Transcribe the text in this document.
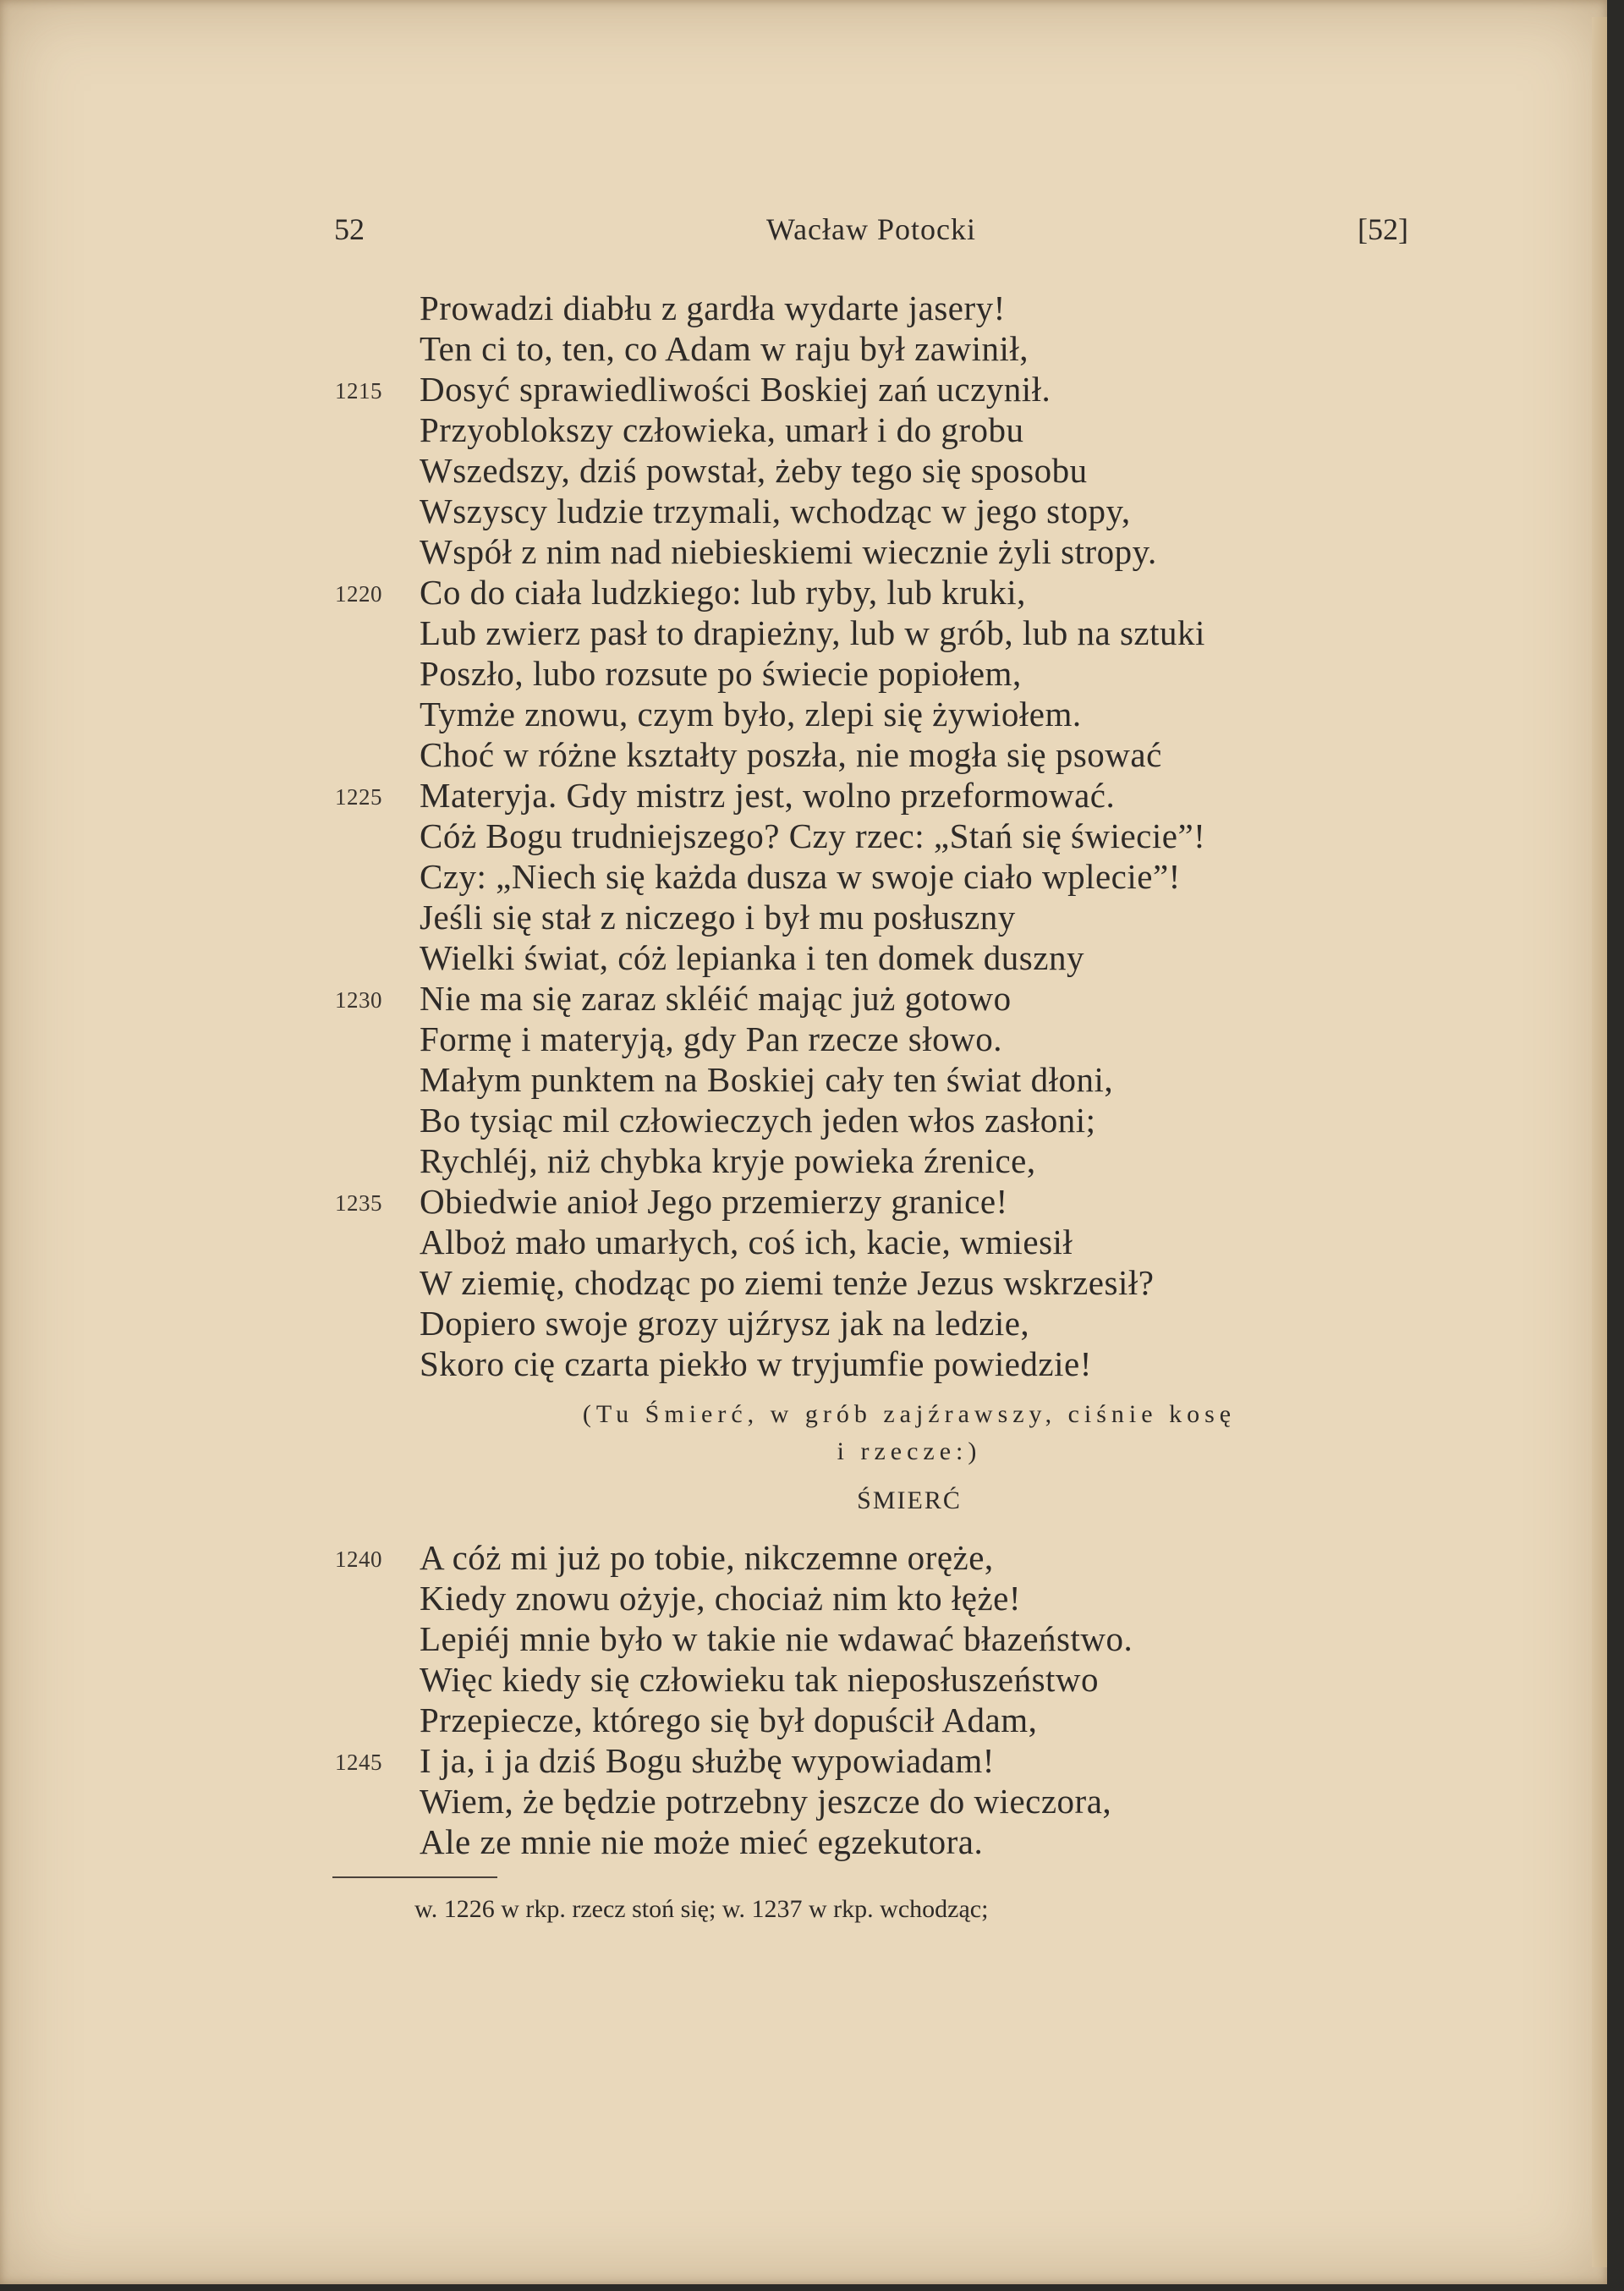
52	Wacław Potocki	[52]
Prowadzi diabłu z gardła wydarte jasery!
Ten ci to, ten, co Adam w raju był zawinił,
1215 Dosyć sprawiedliwości Boskiej zań uczynił.
Przyoblokszy człowieka, umarł i do grobu
Wszedszy, dziś powstał, żeby tego się sposobu
Wszyscy ludzie trzymali, wchodząc w jego stopy,
Współ z nim nad niebieskiemi wiecznie żyli stropy.
1220 Co do ciała ludzkiego: lub ryby, lub kruki,
Lub zwierz pasł to drapieżny, lub w grób, lub na sztuki
Poszło, lubo rozsute po świecie popiołem,
Tymże znowu, czym było, zlepi się żywiołem.
Choć w różne kształty poszła, nie mogła się psować
1225 Materyja. Gdy mistrz jest, wolno przeformować.
Cóż Bogu trudniejszego? Czy rzec: „Stań się świecie”!
Czy: „Niech się każda dusza w swoje ciało wplecie”!
Jeśli się stał z niczego i był mu posłuszny
Wielki świat, cóż lepianka i ten domek duszny
1230 Nie ma się zaraz skléić mając już gotowo
Formę i materyją, gdy Pan rzecze słowo.
Małym punktem na Boskiej cały ten świat dłoni,
Bo tysiąc mil człowieczych jeden włos zasłoni;
Rychléj, niż chybka kryje powieka źrenice,
1235 Obiedwie anioł Jego przemierzy granice!
Alboż mało umarłych, coś ich, kacie, wmiesił
W ziemię, chodząc po ziemi tenże Jezus wskrzesił?
Dopiero swoje grozy ujźrysz jak na ledzie,
Skoro cię czarta piekło w tryjumfie powiedzie!
(Tu Śmierć, w grób zajźrawszy, ciśnie kosę
i rzecze:)
ŚMIERĆ
1240 A cóż mi już po tobie, nikczemne oręże,
Kiedy znowu ożyje, chociaż nim kto łęże!
Lepiéj mnie było w takie nie wdawać błazeństwo.
Więc kiedy się człowieku tak nieposłuszeństwo
Przepiecze, którego się był dopuścił Adam,
1245 I ja, i ja dziś Bogu służbę wypowiadam!
Wiem, że będzie potrzebny jeszcze do wieczora,
Ale ze mnie nie może mieć egzekutora.
w. 1226 w rkp. rzecz stoń się; w. 1237 w rkp. wchodząc;
